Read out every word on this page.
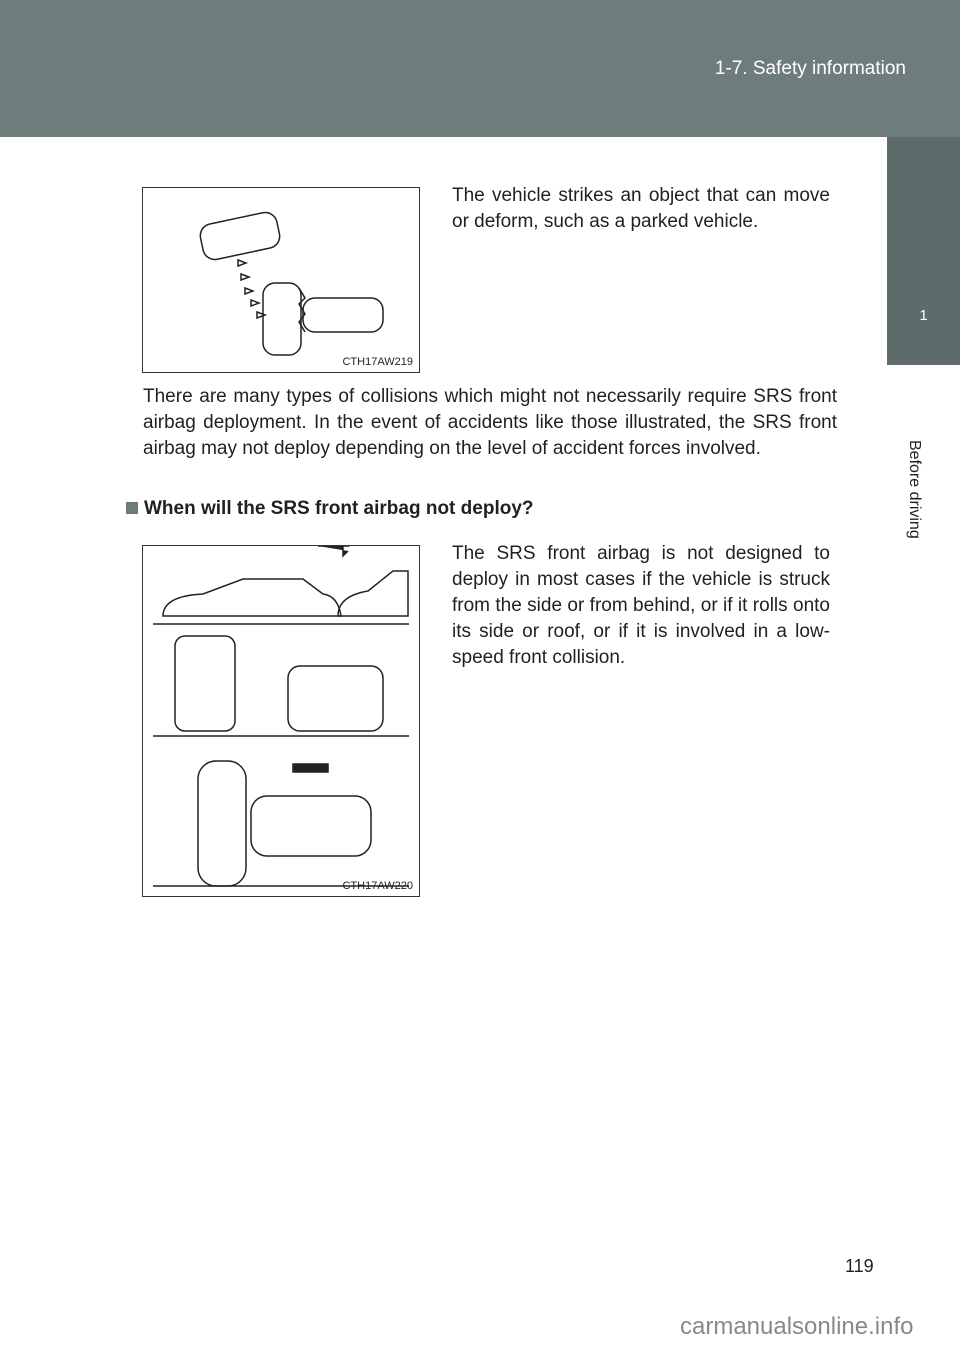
1-7. Safety information
1
Before driving
CTH17AW219
The vehicle strikes an object that can move or deform, such as a parked vehicle.
There are many types of collisions which might not necessarily require SRS front airbag deployment. In the event of accidents like those illustrated, the SRS front airbag may not deploy depending on the level of accident forces involved.
When will the SRS front airbag not deploy?
CTH17AW220
The SRS front airbag is not designed to deploy in most cases if the vehicle is struck from the side or from behind, or if it rolls onto its side or roof, or if it is involved in a low-speed front collision.
119
carmanualsonline.info
